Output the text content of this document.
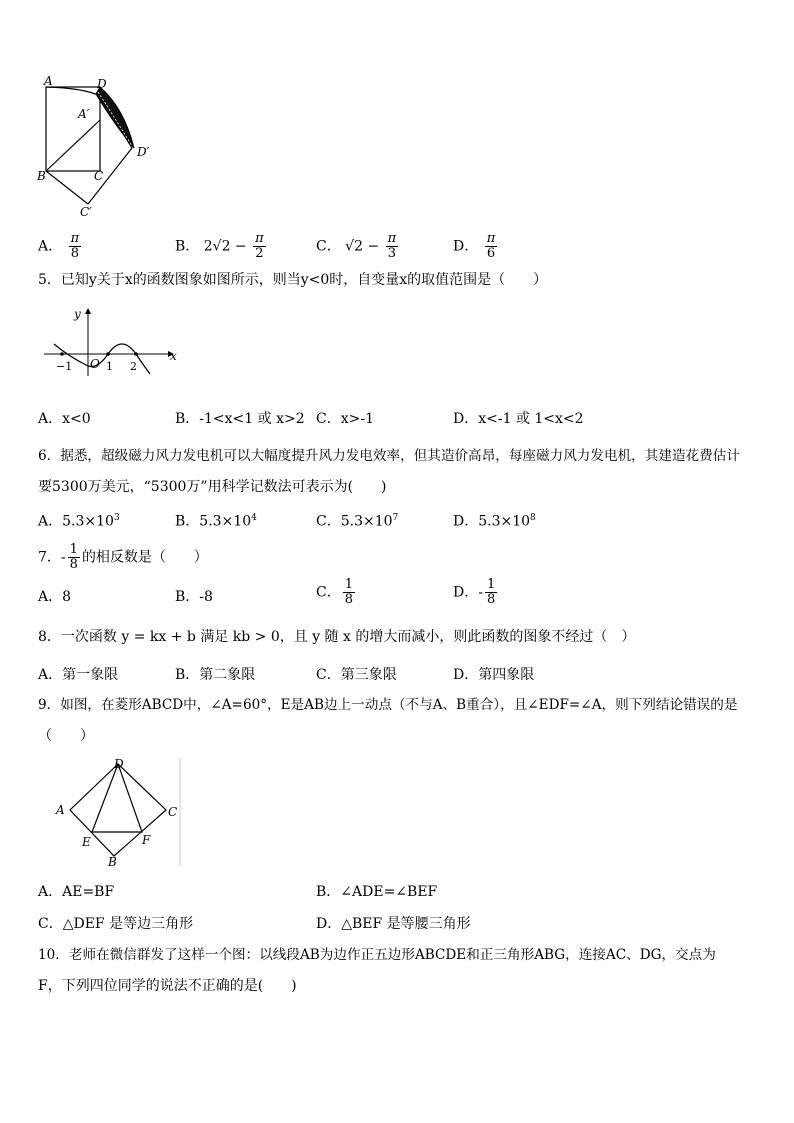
A	D
A′
D′
B	C
C′
A． $\frac{\pi}{8}$	B． $2√2 - \frac{\pi}{2}$	C． $√2 - \frac{\pi}{3}$	D． $\frac{\pi}{6}$
5．已知y关于x的函数图象如图所示，则当y<0时，自变量x的取值范围是（　　）
y
x
−1 O 1 2
A．x<0	B．-1<x<1 或 x>2 C．x>-1	D．x<-1 或 1<x<2
6．据悉，超级磁力风力发电机可以大幅度提升风力发电效率，但其造价高昂，每座磁力风力发电机，其建造花费估计
要5300万美元，“5300万”用科学记数法可表示为(　　)
A．$5.3\times 10^3$	B．$5.3\times 10^4$	C．$5.3\times 10^7$	D．$5.3\times 10^8$
7．- $\frac{1}{8}$ 的相反数是（　　）
A．8	B．-8	C． $\frac{1}{8}$	D．- $\frac{1}{8}$
8．一次函数 y = kx + b 满足 kb > 0，且 y 随 x 的增大而减小，则此函数的图象不经过（　）
A．第一象限	B．第二象限	C．第三象限	D．第四象限
9．如图，在菱形ABCD中，∠A=60°，E是AB边上一动点（不与A、B重合），且∠EDF=∠A，则下列结论错误的是
（　　）
D
A	C
E	F
B
A．AE=BF	B．∠ADE=∠BEF
C．△DEF 是等边三角形	D．△BEF 是等腰三角形
10．老师在微信群发了这样一个图：以线段AB为边作正五边形ABCDE和正三角形ABG，连接AC、DG，交点为
F，下列四位同学的说法不正确的是(　　)
